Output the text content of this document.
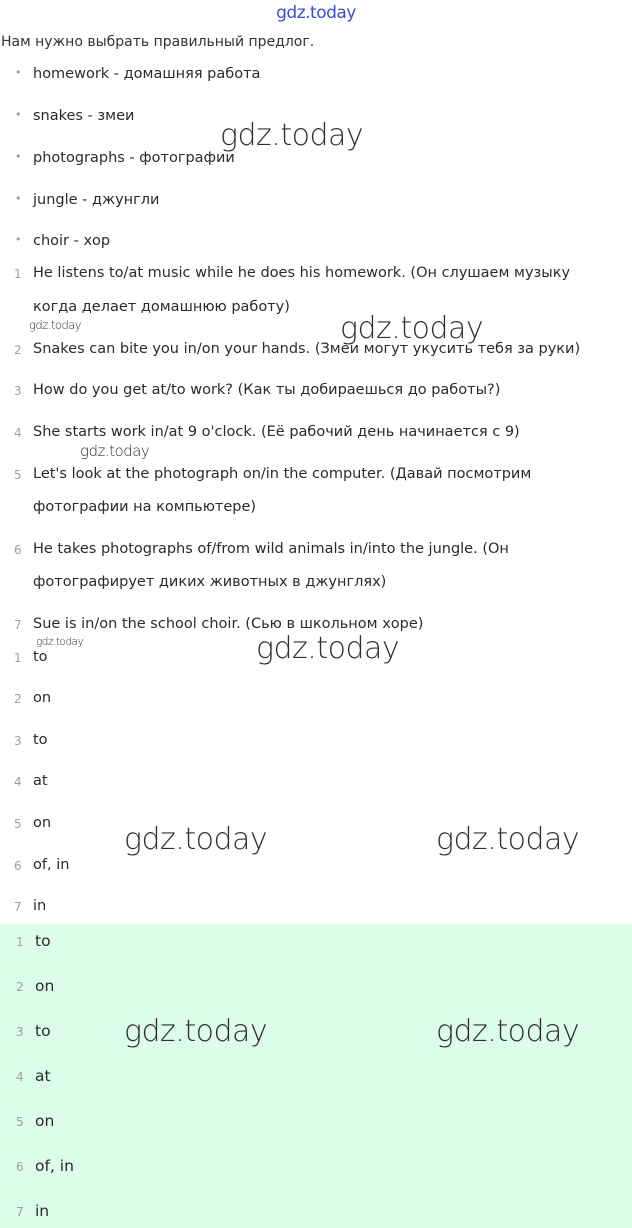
gdz.today
Нам нужно выбрать правильный предлог.
• homework - домашняя работа
• snakes - змеи
• photographs - фотографии
• jungle - джунгли
• choir - хор
1 He listens to/at music while he does his homework. (Он слушаем музыку
когда делает домашнюю работу)
2 Snakes can bite you in/on your hands. (Змеи могут укусить тебя за руки)
3 How do you get at/to work? (Как ты добираешься до работы?)
4 She starts work in/at 9 o'clock. (Её рабочий день начинается с 9)
5 Let's look at the photograph on/in the computer. (Давай посмотрим
фотографии на компьютере)
6 He takes photographs of/from wild animals in/into the jungle. (Он
фотографирует диких животных в джунглях)
7 Sue is in/on the school choir. (Сью в школьном хоре)
1 to
2 on
3 to
4 at
5 on
6 of, in
7 in
1 to
2 on
3 to
4 at
5 on
6 of, in
7 in
gdz.today
gdz.today
gdz.today
gdz.today
gdz.today	gdz.today
gdz.today	gdz.today
gdz.today	gdz.today
